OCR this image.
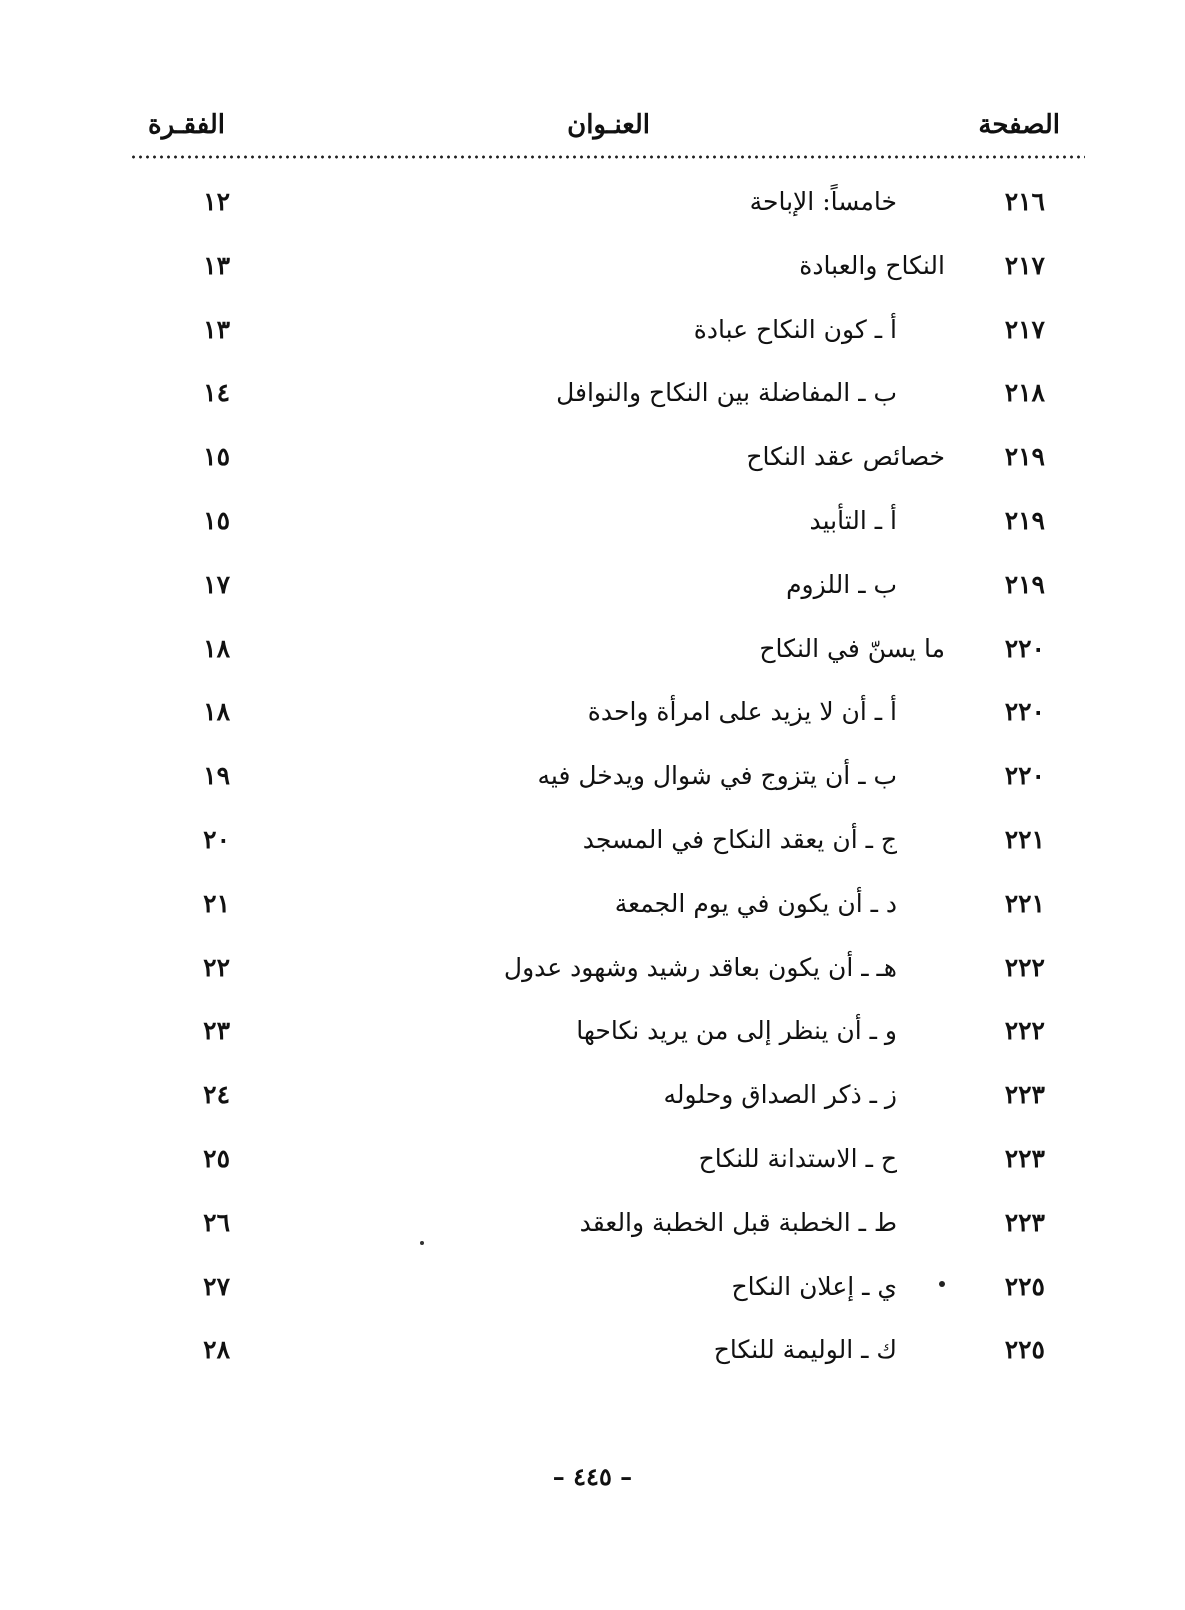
الصفحة
العنـوان
الفقـرة
٢١٦
خامساً: الإباحة
١٢
٢١٧
النكاح والعبادة
١٣
٢١٧
أ ـ كون النكاح عبادة
١٣
٢١٨
ب ـ المفاضلة بين النكاح والنوافل
١٤
٢١٩
خصائص عقد النكاح
١٥
٢١٩
أ ـ التأبيد
١٥
٢١٩
ب ـ اللزوم
١٧
٢٢٠
ما يسنّ في النكاح
١٨
٢٢٠
أ ـ أن لا يزيد على امرأة واحدة
١٨
٢٢٠
ب ـ أن يتزوج في شوال ويدخل فيه
١٩
٢٢١
ج ـ أن يعقد النكاح في المسجد
٢٠
٢٢١
د ـ أن يكون في يوم الجمعة
٢١
٢٢٢
هـ ـ أن يكون بعاقد رشيد وشهود عدول
٢٢
٢٢٢
و ـ أن ينظر إلى من يريد نكاحها
٢٣
٢٢٣
ز ـ ذكر الصداق وحلوله
٢٤
٢٢٣
ح ـ الاستدانة للنكاح
٢٥
٢٢٣
ط ـ الخطبة قبل الخطبة والعقد
٢٦
٢٢٥
ي ـ إعلان النكاح
٢٧
٢٢٥
ك ـ الوليمة للنكاح
٢٨
– ٤٤٥ –
